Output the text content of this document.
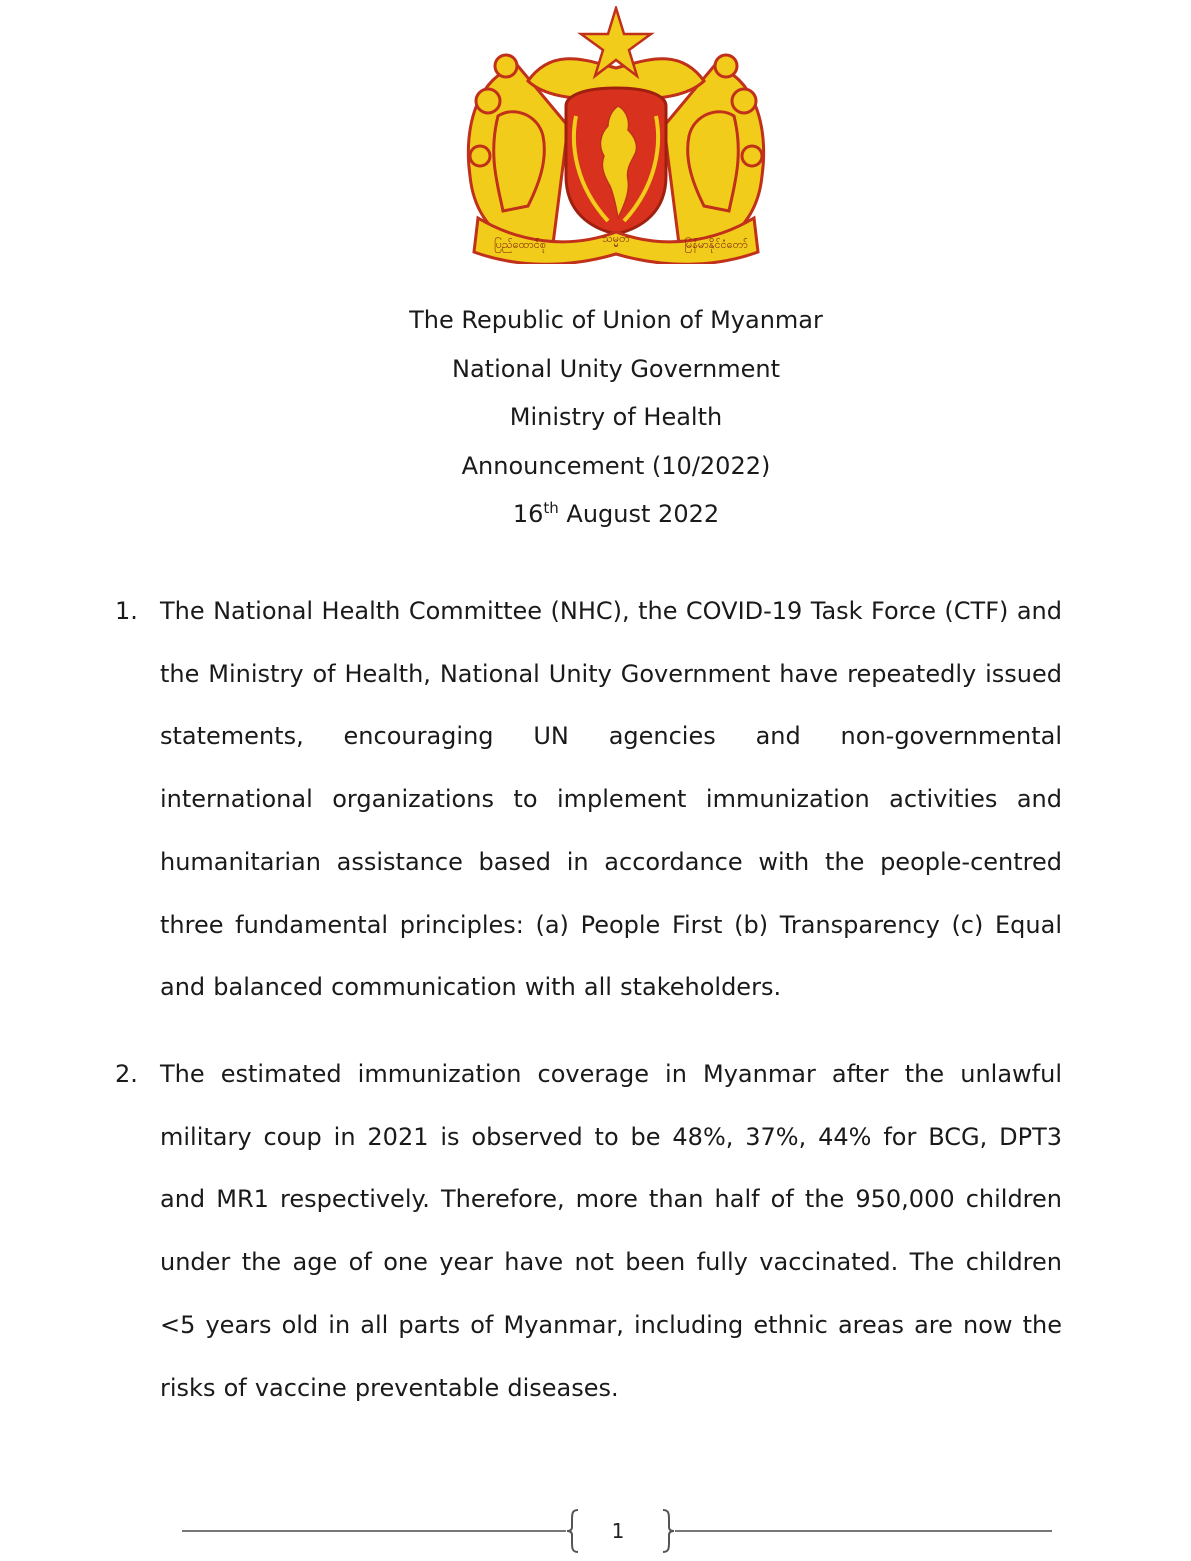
ပြည်ထောင်စု	သမ္မတ	မြန်မာနိုင်ငံတော်
The Republic of Union of Myanmar
National Unity Government
Ministry of Health
Announcement (10/2022)
16th August 2022
1. The National Health Committee (NHC), the COVID-19 Task Force (CTF) and the Ministry of Health, National Unity Government have repeatedly issued statements, encouraging UN agencies and non-governmental international organizations to implement immunization activities and humanitarian assistance based in accordance with the people-centred three fundamental principles: (a) People First (b) Transparency (c) Equal and balanced communication with all stakeholders.
2. The estimated immunization coverage in Myanmar after the unlawful military coup in 2021 is observed to be 48%, 37%, 44% for BCG, DPT3 and MR1 respectively. Therefore, more than half of the 950,000 children under the age of one year have not been fully vaccinated. The children <5 years old in all parts of Myanmar, including ethnic areas are now the risks of vaccine preventable diseases.
1
